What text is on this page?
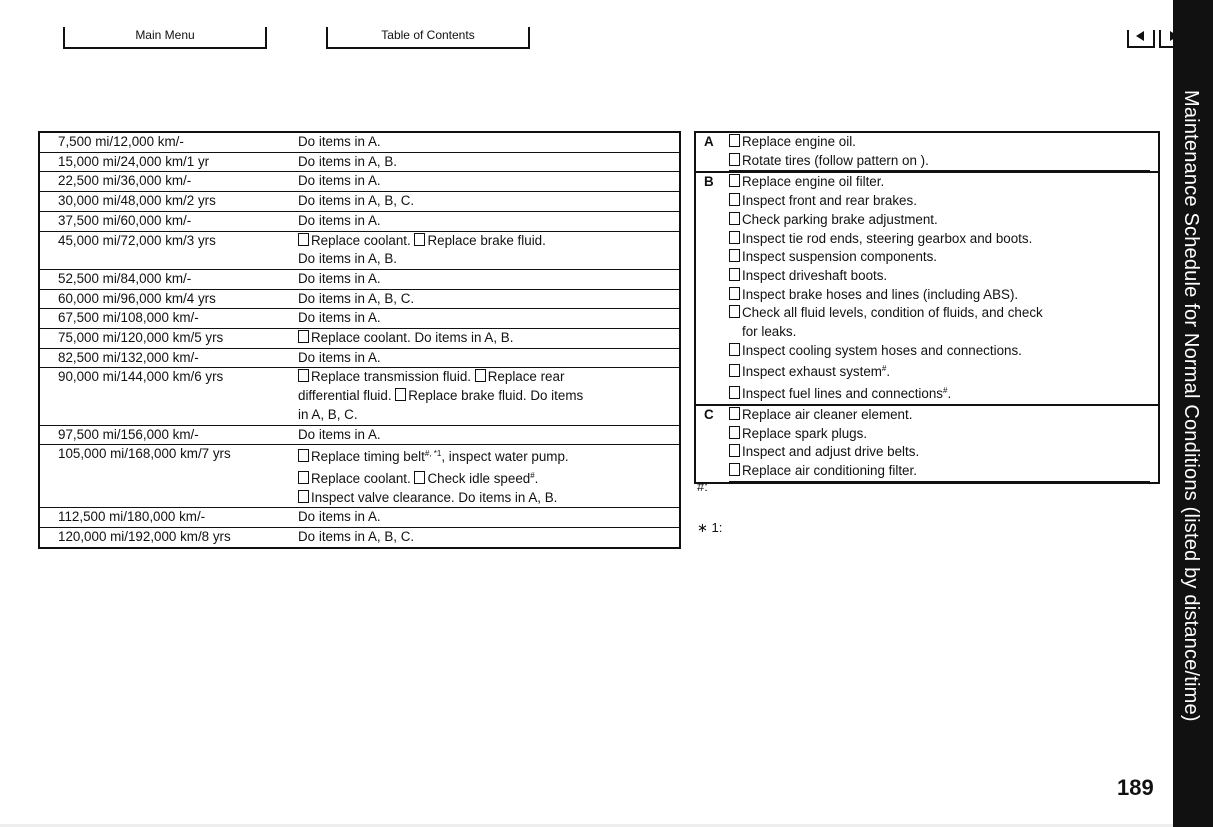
Main Menu	Table of Contents
7,500 mi/12,000 km/-	Do items in A.
15,000 mi/24,000 km/1 yr	Do items in A, B.
22,500 mi/36,000 km/-	Do items in A.
30,000 mi/48,000 km/2 yrs	Do items in A, B, C.
37,500 mi/60,000 km/-	Do items in A.
45,000 mi/72,000 km/3 yrs	Replace coolant. Replace brake fluid.
Do items in A, B.
52,500 mi/84,000 km/-	Do items in A.
60,000 mi/96,000 km/4 yrs	Do items in A, B, C.
67,500 mi/108,000 km/-	Do items in A.
75,000 mi/120,000 km/5 yrs	Replace coolant. Do items in A, B.
82,500 mi/132,000 km/-	Do items in A.
90,000 mi/144,000 km/6 yrs	Replace transmission fluid. Replace rear
differential fluid. Replace brake fluid. Do items
in A, B, C.
97,500 mi/156,000 km/-	Do items in A.
105,000 mi/168,000 km/7 yrs	Replace timing belt$^{\#, *1}$, inspect water pump.
Replace coolant. Check idle speed#.
Inspect valve clearance. Do items in A, B.
112,500 mi/180,000 km/-	Do items in A.
120,000 mi/192,000 km/8 yrs	Do items in A, B, C.
A	Replace engine oil.
Rotate tires (follow pattern on ).
B	Replace engine oil filter.
Inspect front and rear brakes.
Check parking brake adjustment.
Inspect tie rod ends, steering gearbox and boots.
Inspect suspension components.
Inspect driveshaft boots.
Inspect brake hoses and lines (including ABS).
Check all fluid levels, condition of fluids, and check
for leaks.
Inspect cooling system hoses and connections.
Inspect exhaust system#.
Inspect fuel lines and connections#.
C	Replace air cleaner element.
Replace spark plugs.
Inspect and adjust drive belts.
Replace air conditioning filter.
#:
∗ 1:	Maintenance Schedule for Normal Conditions (listed by distance/time)
189
